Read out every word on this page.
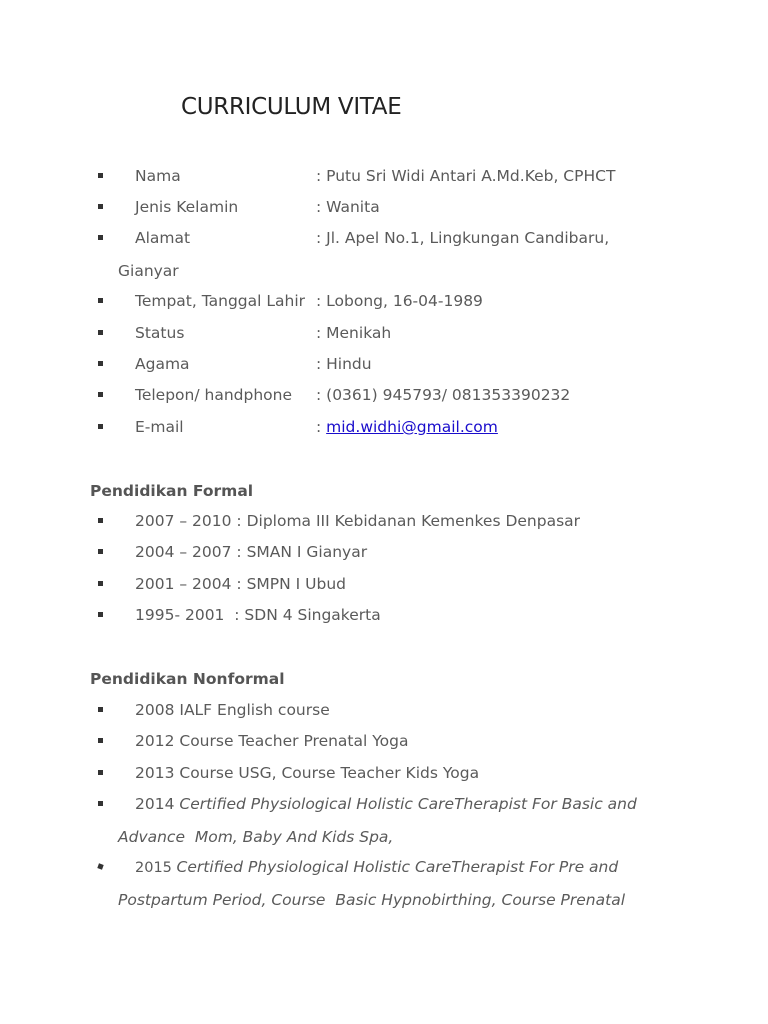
CURRICULUM VITAE
Nama	: Putu Sri Widi Antari A.Md.Keb, CPHCT
Jenis Kelamin	: Wanita
Alamat	: Jl. Apel No.1, Lingkungan Candibaru,
Gianyar
Tempat, Tanggal Lahir : Lobong, 16-04-1989
Status	: Menikah
Agama	: Hindu
Telepon/ handphone : (0361) 945793/ 081353390232
E-mail	: mid.widhi@gmail.com
Pendidikan Formal
2007 – 2010 : Diploma III Kebidanan Kemenkes Denpasar
2004 – 2007 : SMAN I Gianyar
2001 – 2004 : SMPN I Ubud
1995- 2001  : SDN 4 Singakerta
Pendidikan Nonformal
2008 IALF English course
2012 Course Teacher Prenatal Yoga
2013 Course USG, Course Teacher Kids Yoga
2014 Certified Physiological Holistic CareTherapist For Basic and
Advance  Mom, Baby And Kids Spa,
2015 Certified Physiological Holistic CareTherapist For Pre and
Postpartum Period, Course  Basic Hypnobirthing, Course Prenatal
